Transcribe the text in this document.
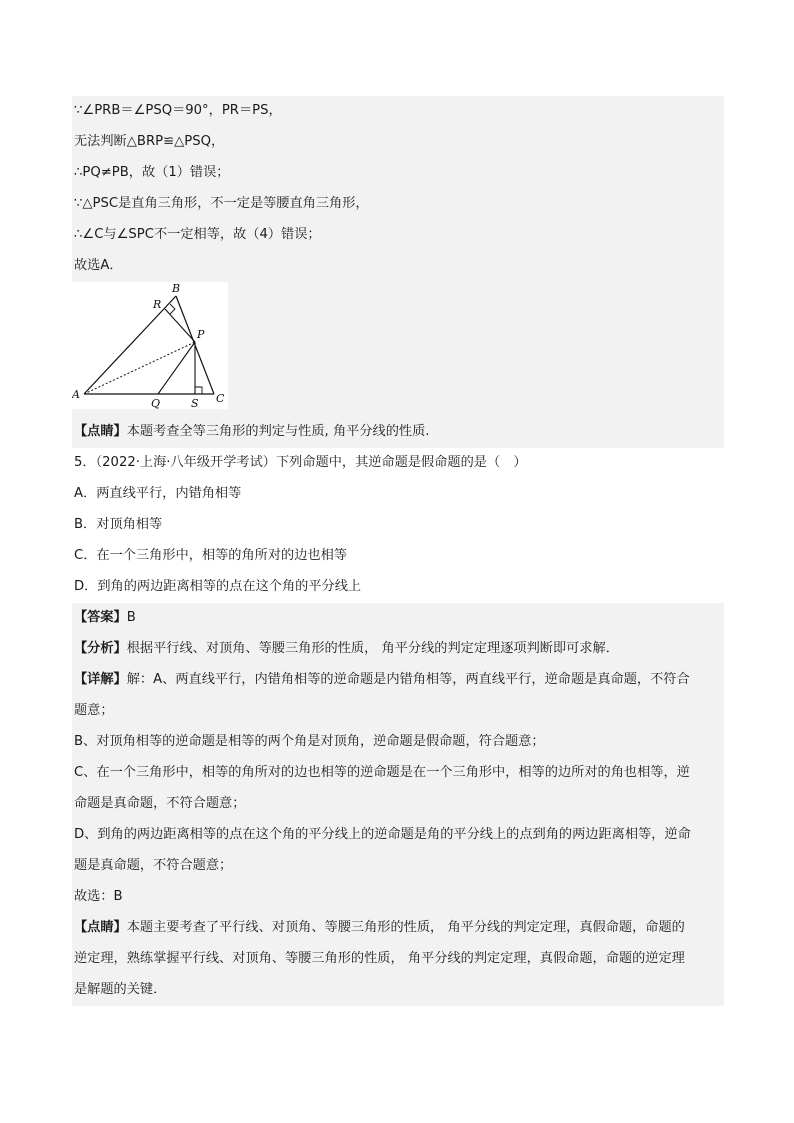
∵∠PRB＝∠PSQ＝90°，PR＝PS，
无法判断△BRP≌△PSQ，
∴PQ≠PB，故（1）错误；
∵△PSC是直角三角形，不一定是等腰直角三角形，
∴∠C与∠SPC不一定相等，故（4）错误；
故选A．
B
R
P
A
Q	S C
【点睛】本题考查全等三角形的判定与性质, 角平分线的性质.
5．（2022·上海·八年级开学考试）下列命题中，其逆命题是假命题的是（　）
A．两直线平行，内错角相等
B．对顶角相等
C．在一个三角形中，相等的角所对的边也相等
D．到角的两边距离相等的点在这个角的平分线上
【答案】B
【分析】根据平行线、对顶角、等腰三角形的性质， 角平分线的判定定理逐项判断即可求解．
【详解】解：A、两直线平行，内错角相等的逆命题是内错角相等，两直线平行，逆命题是真命题，不符合
题意；
B、对顶角相等的逆命题是相等的两个角是对顶角，逆命题是假命题，符合题意；
C、在一个三角形中，相等的角所对的边也相等的逆命题是在一个三角形中，相等的边所对的角也相等，逆
命题是真命题，不符合题意；
D、到角的两边距离相等的点在这个角的平分线上的逆命题是角的平分线上的点到角的两边距离相等，逆命
题是真命题，不符合题意；
故选：B
【点睛】本题主要考查了平行线、对顶角、等腰三角形的性质， 角平分线的判定定理，真假命题，命题的
逆定理，熟练掌握平行线、对顶角、等腰三角形的性质， 角平分线的判定定理，真假命题，命题的逆定理
是解题的关键．
